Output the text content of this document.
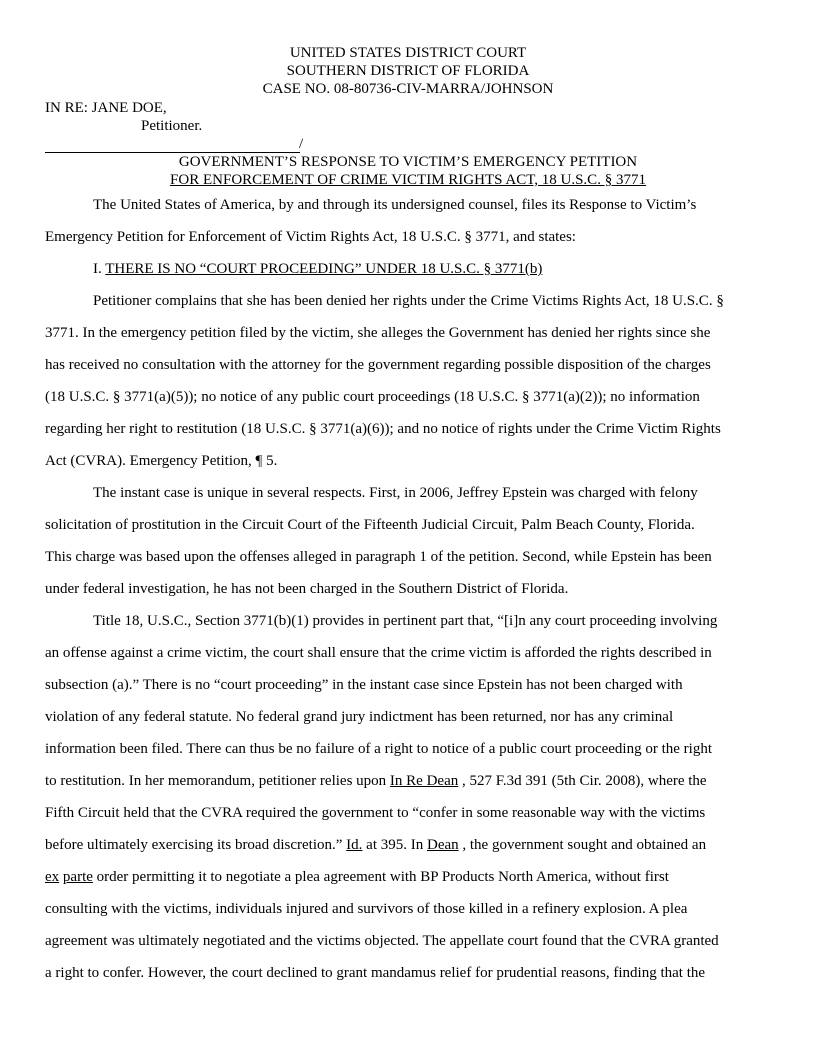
UNITED STATES DISTRICT COURT
SOUTHERN DISTRICT OF FLORIDA
CASE NO. 08-80736-CIV-MARRA/JOHNSON
IN RE: JANE DOE,
Petitioner.
/
GOVERNMENT’S RESPONSE TO VICTIM’S EMERGENCY PETITION
FOR ENFORCEMENT OF CRIME VICTIM RIGHTS ACT, 18 U.S.C. § 3771
The United States of America, by and through its undersigned counsel, files its Response to Victim’s
Emergency Petition for Enforcement of Victim Rights Act, 18 U.S.C. § 3771, and states:
I. THERE IS NO “COURT PROCEEDING” UNDER 18 U.S.C. § 3771(b)
Petitioner complains that she has been denied her rights under the Crime Victims Rights Act, 18 U.S.C. §
3771. In the emergency petition filed by the victim, she alleges the Government has denied her rights since she
has received no consultation with the attorney for the government regarding possible disposition of the charges
(18 U.S.C. § 3771(a)(5)); no notice of any public court proceedings (18 U.S.C. § 3771(a)(2)); no information
regarding her right to restitution (18 U.S.C. § 3771(a)(6)); and no notice of rights under the Crime Victim Rights
Act (CVRA). Emergency Petition, ¶ 5.
The instant case is unique in several respects. First, in 2006, Jeffrey Epstein was charged with felony
solicitation of prostitution in the Circuit Court of the Fifteenth Judicial Circuit, Palm Beach County, Florida.
This charge was based upon the offenses alleged in paragraph 1 of the petition. Second, while Epstein has been
under federal investigation, he has not been charged in the Southern District of Florida.
Title 18, U.S.C., Section 3771(b)(1) provides in pertinent part that, “[i]n any court proceeding involving
an offense against a crime victim, the court shall ensure that the crime victim is afforded the rights described in
subsection (a).” There is no “court proceeding” in the instant case since Epstein has not been charged with
violation of any federal statute. No federal grand jury indictment has been returned, nor has any criminal
information been filed. There can thus be no failure of a right to notice of a public court proceeding or the right
to restitution. In her memorandum, petitioner relies upon In Re Dean , 527 F.3d 391 (5th Cir. 2008), where the
Fifth Circuit held that the CVRA required the government to “confer in some reasonable way with the victims
before ultimately exercising its broad discretion.” Id. at 395. In Dean , the government sought and obtained an
ex parte order permitting it to negotiate a plea agreement with BP Products North America, without first
consulting with the victims, individuals injured and survivors of those killed in a refinery explosion. A plea
agreement was ultimately negotiated and the victims objected. The appellate court found that the CVRA granted
a right to confer. However, the court declined to grant mandamus relief for prudential reasons, finding that the
